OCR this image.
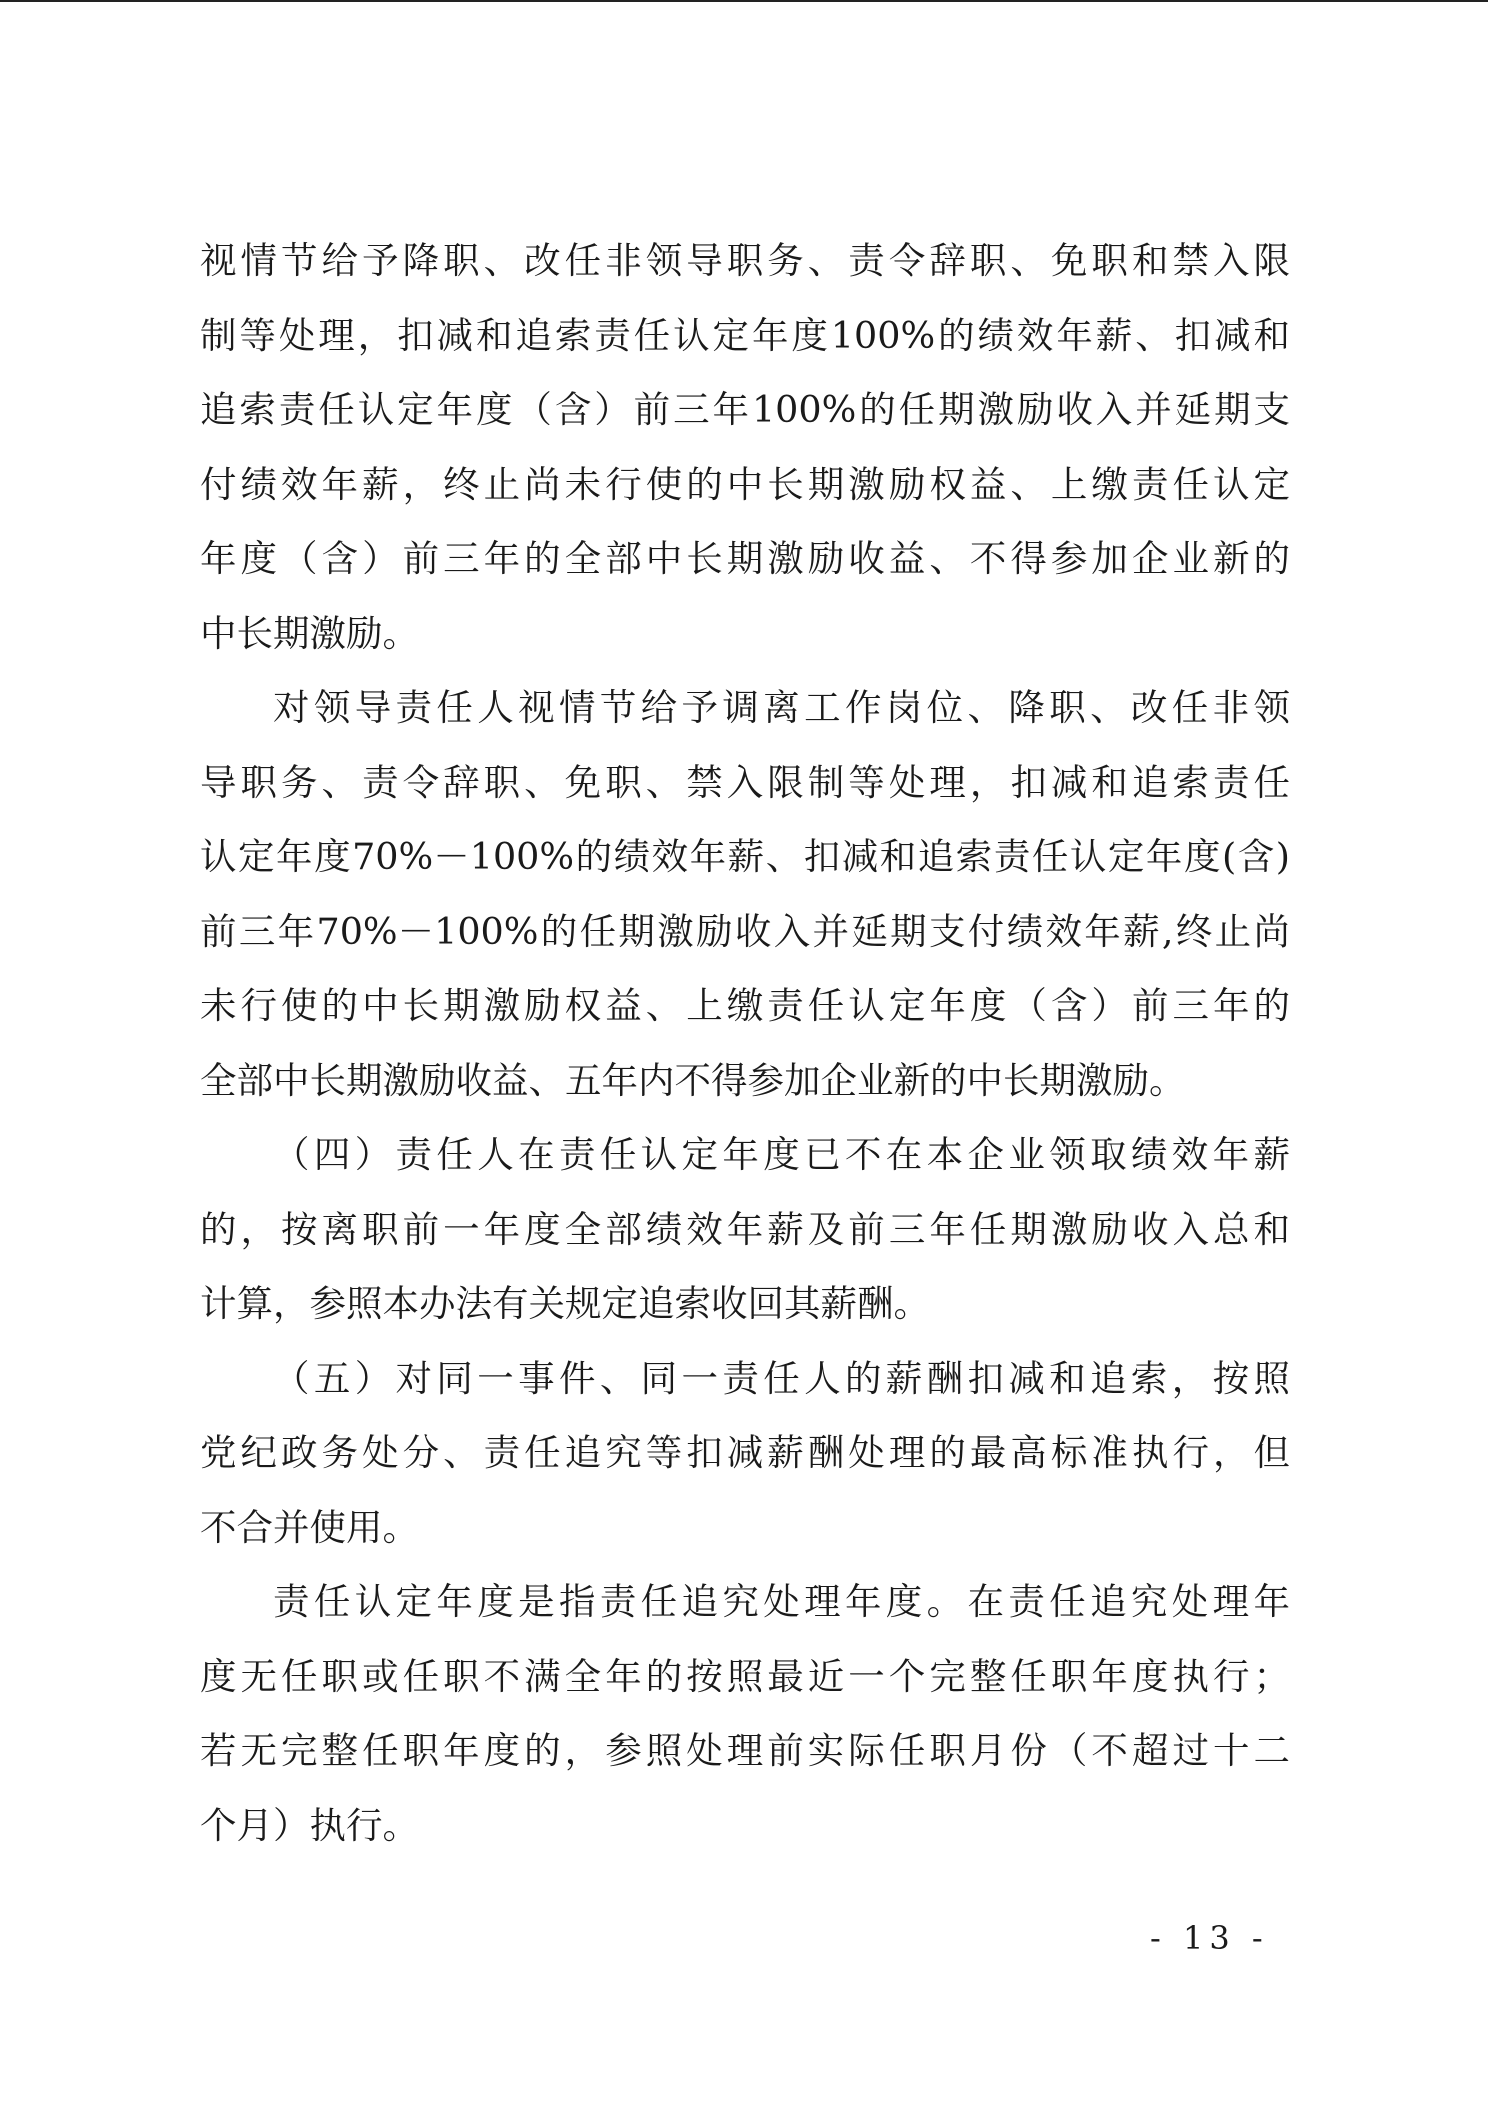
视情节给予降职、改任非领导职务、责令辞职、免职和禁入限
制等处理，扣减和追索责任认定年度100%的绩效年薪、扣减和
追索责任认定年度（含）前三年100%的任期激励收入并延期支
付绩效年薪，终止尚未行使的中长期激励权益、上缴责任认定
年度（含）前三年的全部中长期激励收益、不得参加企业新的
中长期激励。
对领导责任人视情节给予调离工作岗位、降职、改任非领
导职务、责令辞职、免职、禁入限制等处理，扣减和追索责任
认定年度70%－100%的绩效年薪、扣减和追索责任认定年度(含)
前三年70%－100%的任期激励收入并延期支付绩效年薪,终止尚
未行使的中长期激励权益、上缴责任认定年度（含）前三年的
全部中长期激励收益、五年内不得参加企业新的中长期激励。
（四）责任人在责任认定年度已不在本企业领取绩效年薪
的，按离职前一年度全部绩效年薪及前三年任期激励收入总和
计算，参照本办法有关规定追索收回其薪酬。
（五）对同一事件、同一责任人的薪酬扣减和追索，按照
党纪政务处分、责任追究等扣减薪酬处理的最高标准执行，但
不合并使用。
责任认定年度是指责任追究处理年度。在责任追究处理年
度无任职或任职不满全年的按照最近一个完整任职年度执行；
若无完整任职年度的，参照处理前实际任职月份（不超过十二
个月）执行。
- 13 -
